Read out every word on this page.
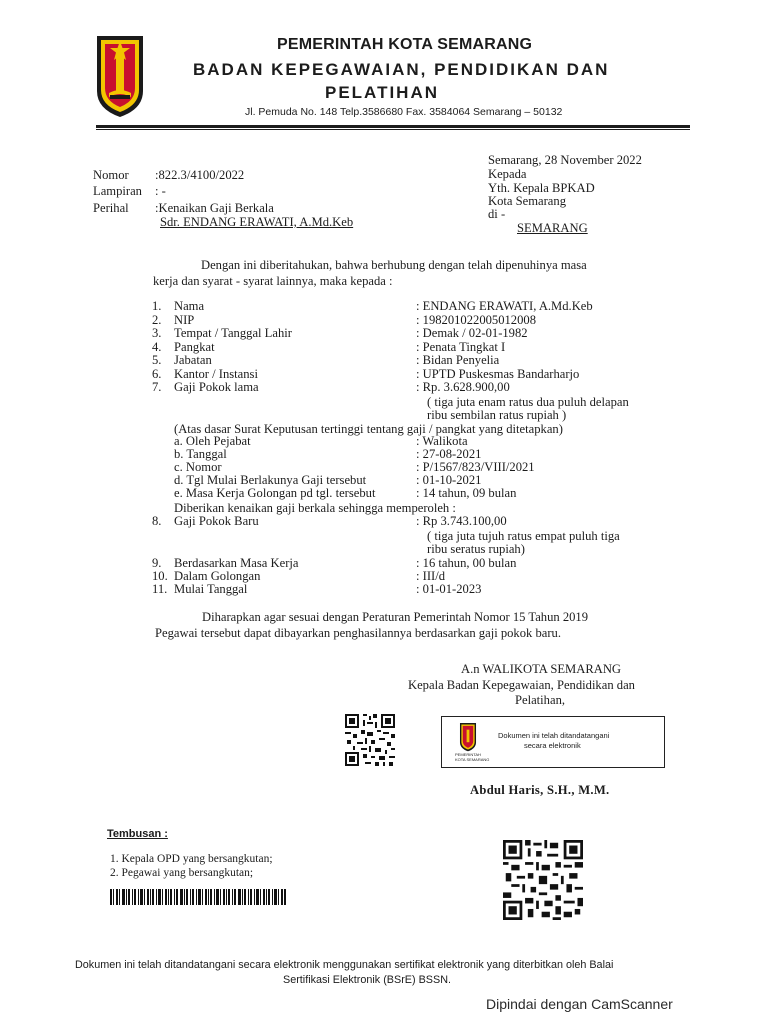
PEMERINTAH KOTA SEMARANG
BADAN KEPEGAWAIAN, PENDIDIKAN DAN
PELATIHAN
Jl. Pemuda No. 148 Telp.3586680 Fax. 3584064 Semarang – 50132
Nomor :822.3/4100/2022
Lampiran : -
Perihal :Kenaikan Gaji Berkala
Sdr. ENDANG ERAWATI, A.Md.Keb
Semarang, 28 November 2022
Kepada
Yth. Kepala BPKAD
Kota Semarang
di -
SEMARANG
Dengan ini diberitahukan, bahwa berhubung dengan telah dipenuhinya masa
kerja dan syarat - syarat lainnya, maka kepada :
1. Nama	: ENDANG ERAWATI, A.Md.Keb
2. NIP	: 198201022005012008
3. Tempat / Tanggal Lahir	: Demak / 02-01-1982
4. Pangkat	: Penata Tingkat I
5. Jabatan	: Bidan Penyelia
6. Kantor / Instansi	: UPTD Puskesmas Bandarharjo
7. Gaji Pokok lama	: Rp. 3.628.900,00
( tiga juta enam ratus dua puluh delapan
ribu sembilan ratus rupiah )
(Atas dasar Surat Keputusan tertinggi tentang gaji / pangkat yang ditetapkan)
a. Oleh Pejabat	: Walikota
b. Tanggal	: 27-08-2021
c. Nomor	: P/1567/823/VIII/2021
d. Tgl Mulai Berlakunya Gaji tersebut	: 01-10-2021
e. Masa Kerja Golongan pd tgl. tersebut	: 14 tahun, 09 bulan
Diberikan kenaikan gaji berkala sehingga memperoleh :
8. Gaji Pokok Baru	: Rp 3.743.100,00
( tiga juta tujuh ratus empat puluh tiga
ribu seratus rupiah)
9. Berdasarkan Masa Kerja	: 16 tahun, 00 bulan
10. Dalam Golongan	: III/d
11. Mulai Tanggal	: 01-01-2023
Diharapkan agar sesuai dengan Peraturan Pemerintah Nomor 15 Tahun 2019
Pegawai tersebut dapat dibayarkan penghasilannya berdasarkan gaji pokok baru.
A.n WALIKOTA SEMARANG
Kepala Badan Kepegawaian, Pendidikan dan
Pelatihan,
PEMERINTAH
KOTA SEMARANG
Dokumen ini telah ditandatangani
secara elektronik
Abdul Haris, S.H., M.M.
Tembusan :
1. Kepala OPD yang bersangkutan;
2. Pegawai yang bersangkutan;
Dokumen ini telah ditandatangani secara elektronik menggunakan sertifikat elektronik yang diterbitkan oleh Balai
Sertifikasi Elektronik (BSrE) BSSN.
Dipindai dengan CamScanner
